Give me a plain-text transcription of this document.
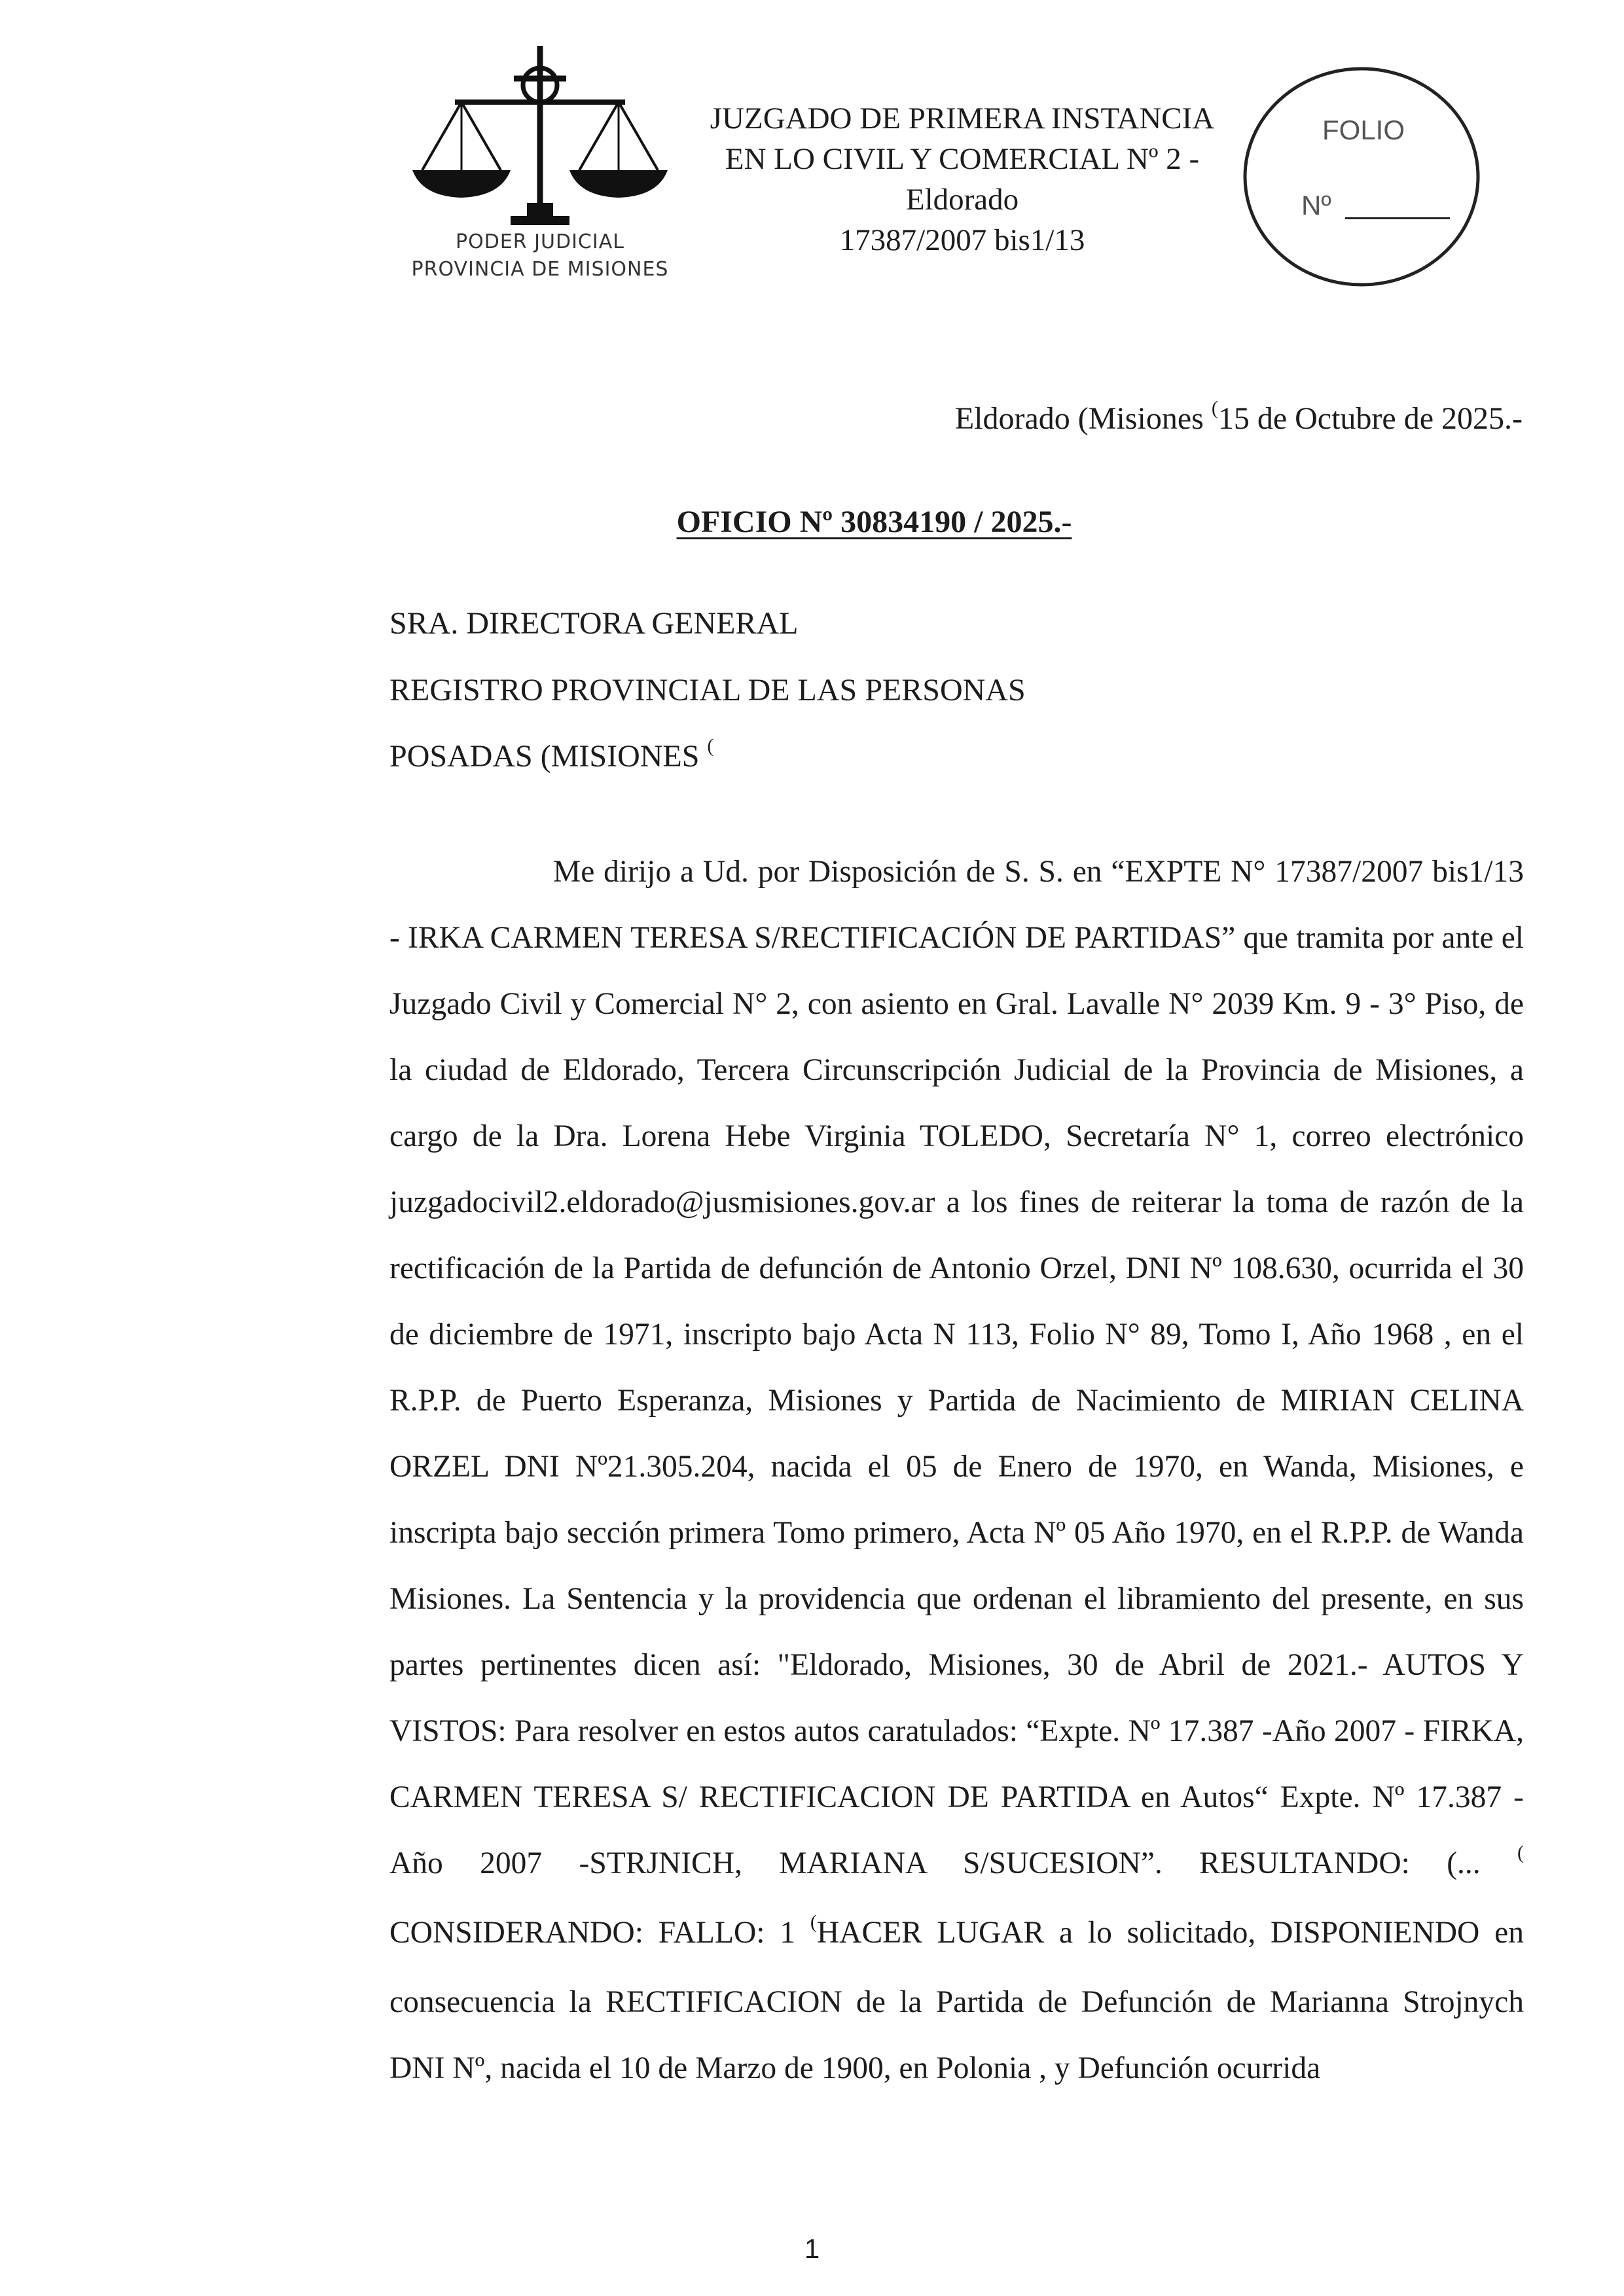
PODER JUDICIAL
PROVINCIA DE MISIONES
JUZGADO DE PRIMERA INSTANCIA
EN LO CIVIL Y COMERCIAL Nº 2 -
Eldorado
17387/2007 bis1/13
FOLIO
Nº
Eldorado (Misiones (15 de Octubre de 2025.-
OFICIO Nº 30834190 / 2025.-
SRA. DIRECTORA GENERAL
REGISTRO PROVINCIAL DE LAS PERSONAS
POSADAS (MISIONES (

Me dirijo a Ud. por Disposición de S. S. en “EXPTE N° 17387/2007 bis1/13 - IRKA CARMEN TERESA S/RECTIFICACIÓN DE PARTIDAS” que tramita por ante el Juzgado Civil y Comercial N° 2, con asiento en Gral. Lavalle N° 2039 Km. 9 - 3° Piso, de la ciudad de Eldorado, Tercera Circunscripción Judicial de la Provincia de Misiones, a cargo de la Dra. Lorena Hebe Virginia TOLEDO, Secretaría N° 1, correo electrónico juzgadocivil2.eldorado@jusmisiones.gov.ar a los fines de reiterar la toma de razón de la rectificación de la Partida de defunción de Antonio Orzel, DNI Nº 108.630, ocurrida el 30 de diciembre de 1971, inscripto bajo Acta N 113, Folio N° 89, Tomo I, Año 1968 , en el R.P.P. de Puerto Esperanza, Misiones y Partida de Nacimiento de MIRIAN CELINA ORZEL DNI Nº21.305.204, nacida el 05 de Enero de 1970, en Wanda, Misiones, e inscripta bajo sección primera Tomo primero, Acta Nº 05 Año 1970, en el R.P.P. de Wanda Misiones. La Sentencia y la providencia que ordenan el libramiento del presente, en sus partes pertinentes dicen así: "Eldorado, Misiones, 30 de Abril de 2021.- AUTOS Y VISTOS: Para resolver en estos autos caratulados: “Expte. Nº 17.387 -Año 2007 - FIRKA, CARMEN TERESA S/ RECTIFICACION DE PARTIDA en Autos“ Expte. Nº 17.387 - Año 2007 -STRJNICH, MARIANA S/SUCESION”. RESULTANDO: (... ( CONSIDERANDO: FALLO: 1 (HACER LUGAR a lo solicitado, DISPONIENDO en consecuencia la RECTIFICACION de la Partida de Defunción de Marianna Strojnych DNI Nº, nacida el 10 de Marzo de 1900, en Polonia , y Defunción ocurrida

1
